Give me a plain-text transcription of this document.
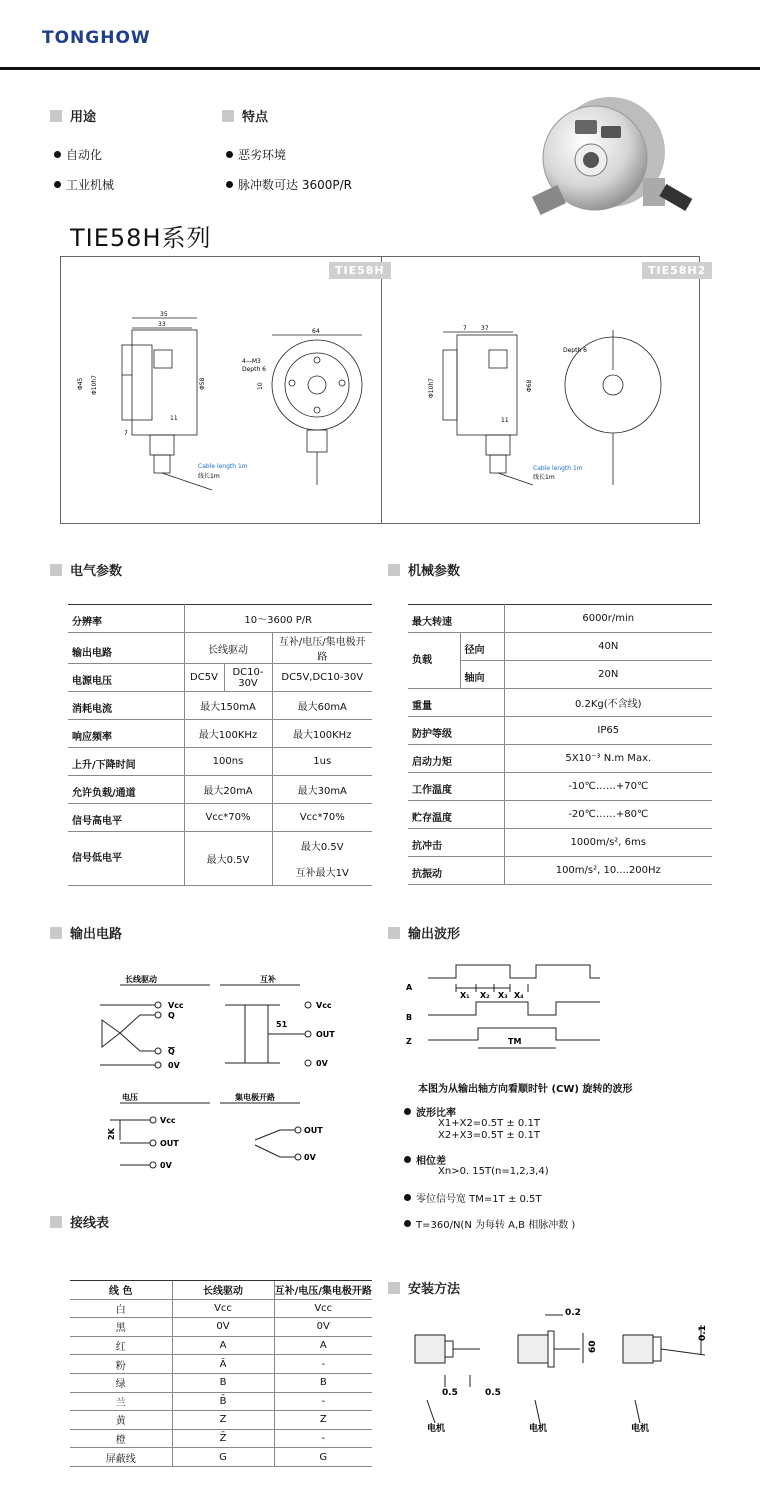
TONGHOW
用途	特点
自动化
工业机械
恶劣环境
脉冲数可达 3600P/R
TIE58H系列
TIE58H	TIE58H2
35
33
64
Φ45 Φ10h7	Φ58
7
11
10
4—M3
Depth 6
Cable length 1m
线长1m
7 37
Φ10h7	Φ68
11
Depth 6
Cable length 1m
线长1m
电气参数
分辨率	10～3600 P/R		
输出电路	长线驱动		互补/电压/集电极开路
电源电压	DC5V	DC10-30V	DC5V,DC10-30V
消耗电流	最大150mA		最大60mA
响应频率	最大100KHz		最大100KHz
上升/下降时间	100ns		1us
允许负载/通道	最大20mA		最大30mA
信号高电平	Vcc*70%		Vcc*70%
信号低电平	最大0.5V		最大0.5V
			互补最大1V
机械参数
最大转速		6000r/min
负载	径向	40N
	轴向	20N
重量		0.2Kg(不含线)
防护等级		IP65
启动力矩		5X10⁻³ N.m Max.
工作温度		-10℃……+70℃
贮存温度		-20℃……+80℃
抗冲击		1000m/s², 6ms
抗振动		100m/s², 10....200Hz
输出电路
长线驱动	互补
Vcc
Q
Q
0V
Vcc
OUT
0V
51
电压	集电极开路
Vcc
OUT
0V
2K	OUT
0V
输出波形
A
B
Z
X₁ X₂ X₃ X₄
TM
本图为从输出轴方向看顺时针 (CW) 旋转的波形
波形比率
X1+X2=0.5T ± 0.1T
X2+X3=0.5T ± 0.1T
相位差
Xn>0. 15T(n=1,2,3,4)
零位信号宽 TM=1T ± 0.5T
T=360/N(N 为每转 A,B 相脉冲数 )
接线表
线 色	长线驱动	互补/电压/集电极开路
白	Vcc	Vcc
黑	0V	0V
红	A	A
粉	Ā	-
绿	B	B
兰	B̄	-
黄	Z	Z
橙	Z̄	-
屏蔽线	G	G
安装方法
0.5	0.5
0.2
60
0.1
电机	电机	电机
